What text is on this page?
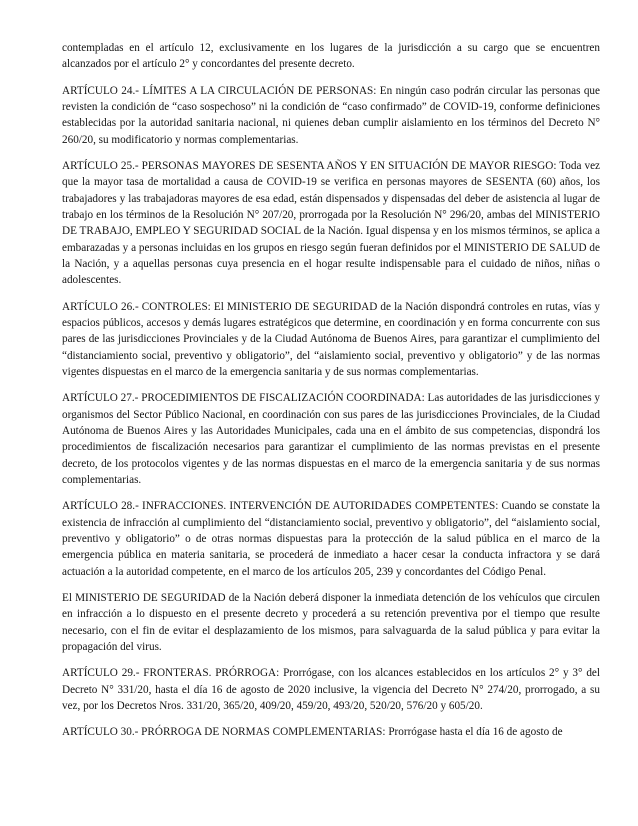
contempladas en el artículo 12, exclusivamente en los lugares de la jurisdicción a su cargo que se encuentren alcanzados por el artículo 2° y concordantes del presente decreto.

ARTÍCULO 24.- LÍMITES A LA CIRCULACIÓN DE PERSONAS: En ningún caso podrán circular las personas que revisten la condición de “caso sospechoso” ni la condición de “caso confirmado” de COVID-19, conforme definiciones establecidas por la autoridad sanitaria nacional, ni quienes deban cumplir aislamiento en los términos del Decreto N° 260/20, su modificatorio y normas complementarias.

ARTÍCULO 25.- PERSONAS MAYORES DE SESENTA AÑOS Y EN SITUACIÓN DE MAYOR RIESGO: Toda vez que la mayor tasa de mortalidad a causa de COVID-19 se verifica en personas mayores de SESENTA (60) años, los trabajadores y las trabajadoras mayores de esa edad, están dispensados y dispensadas del deber de asistencia al lugar de trabajo en los términos de la Resolución N° 207/20, prorrogada por la Resolución N° 296/20, ambas del MINISTERIO DE TRABAJO, EMPLEO Y SEGURIDAD SOCIAL de la Nación. Igual dispensa y en los mismos términos, se aplica a embarazadas y a personas incluidas en los grupos en riesgo según fueran definidos por el MINISTERIO DE SALUD de la Nación, y a aquellas personas cuya presencia en el hogar resulte indispensable para el cuidado de niños, niñas o adolescentes.

ARTÍCULO 26.- CONTROLES: El MINISTERIO DE SEGURIDAD de la Nación dispondrá controles en rutas, vías y espacios públicos, accesos y demás lugares estratégicos que determine, en coordinación y en forma concurrente con sus pares de las jurisdicciones Provinciales y de la Ciudad Autónoma de Buenos Aires, para garantizar el cumplimiento del “distanciamiento social, preventivo y obligatorio”, del “aislamiento social, preventivo y obligatorio” y de las normas vigentes dispuestas en el marco de la emergencia sanitaria y de sus normas complementarias.

ARTÍCULO 27.- PROCEDIMIENTOS DE FISCALIZACIÓN COORDINADA: Las autoridades de las jurisdicciones y organismos del Sector Público Nacional, en coordinación con sus pares de las jurisdicciones Provinciales, de la Ciudad Autónoma de Buenos Aires y las Autoridades Municipales, cada una en el ámbito de sus competencias, dispondrá los procedimientos de fiscalización necesarios para garantizar el cumplimiento de las normas previstas en el presente decreto, de los protocolos vigentes y de las normas dispuestas en el marco de la emergencia sanitaria y de sus normas complementarias.

ARTÍCULO 28.- INFRACCIONES. INTERVENCIÓN DE AUTORIDADES COMPETENTES: Cuando se constate la existencia de infracción al cumplimiento del “distanciamiento social, preventivo y obligatorio”, del “aislamiento social, preventivo y obligatorio” o de otras normas dispuestas para la protección de la salud pública en el marco de la emergencia pública en materia sanitaria, se procederá de inmediato a hacer cesar la conducta infractora y se dará actuación a la autoridad competente, en el marco de los artículos 205, 239 y concordantes del Código Penal.

El MINISTERIO DE SEGURIDAD de la Nación deberá disponer la inmediata detención de los vehículos que circulen en infracción a lo dispuesto en el presente decreto y procederá a su retención preventiva por el tiempo que resulte necesario, con el fin de evitar el desplazamiento de los mismos, para salvaguarda de la salud pública y para evitar la propagación del virus.

ARTÍCULO 29.- FRONTERAS. PRÓRROGA: Prorrógase, con los alcances establecidos en los artículos 2° y 3° del Decreto N° 331/20, hasta el día 16 de agosto de 2020 inclusive, la vigencia del Decreto N° 274/20, prorrogado, a su vez, por los Decretos Nros. 331/20, 365/20, 409/20, 459/20, 493/20, 520/20, 576/20 y 605/20.

ARTÍCULO 30.- PRÓRROGA DE NORMAS COMPLEMENTARIAS: Prorrógase hasta el día 16 de agosto de
